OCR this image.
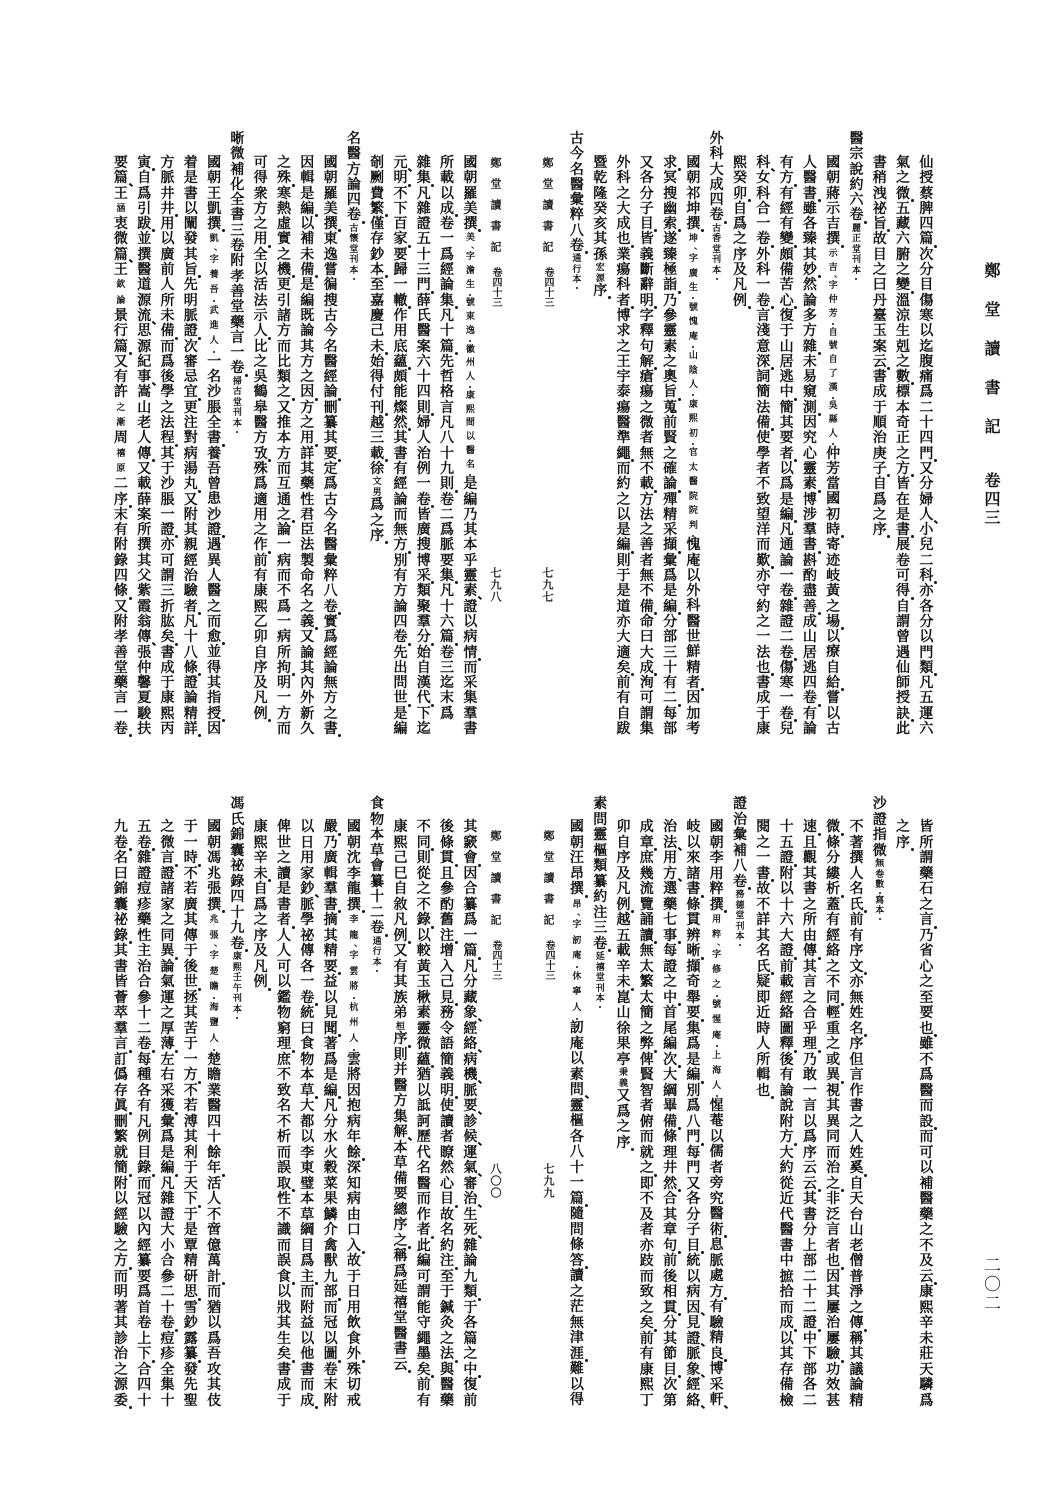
鄭堂讀書記
卷四三
二〇二
仙
授
蔡
脾
四
篇
次
分
目
傷
寒
以
迄
腹
痛
爲
二
十
四
門
又
分
婦
人
小
兒
二
科
亦
各
分
以
門
類
凡
五
運
六
氣
之
微
五
藏
六
腑
之
變
溫
涼
生
剋
之
數
標
本
奇
正
之
方
皆
在
是
書
展
卷
可
得
自
謂
曾
遇
仙
師
授
訣
此
書
稍
洩
祕
旨
故
目
之
曰
丹
臺
玉
案
云
書
成
于
順
治
庚
子
自
爲
之
序
醫
宗
說
約
六
卷
麗
正
堂
刊
本
國
朝
蔣
示
吉
撰
示
吉
字
仲
芳
自
號
自
了
漢
吳
縣
人
仲
芳
當
國
初
時
寄
迹
岐
黃
之
場
以
療
自
給
嘗
以
古
人
醫
書
雖
各
臻
其
妙
然
論
多
方
雜
未
易
窺
測
因
究
心
靈
素
博
涉
羣
書
斟
酌
盡
善
成
山
居
逃
四
卷
有
論
有
方
有
經
有
變
頗
備
苦
心
復
于
山
居
逃
中
簡
其
要
者
以
爲
是
編
凡
通
論
一
卷
雜
證
二
卷
傷
寒
一
卷
兒
科
女
科
合
一
卷
外
科
一
卷
言
淺
意
深
詞
簡
法
備
使
學
者
不
致
望
洋
而
歎
亦
守
約
之
一
法
也
書
成
于
康
熙
癸
卯
自
爲
之
序
及
凡
例
外
科
大
成
四
卷
古
香
堂
刊
本
國
朝
祁
坤
撰
坤
字
廣
生
號
愧
庵
山
陰
人
康
熙
初
官
太
醫
院
院
判
愧
庵
以
外
科
醫
世
鮮
精
者
因
加
考
求
冥
搜
幽
索
遂
臻
極
詣
乃
參
靈
素
之
奧
旨
蒐
前
賢
之
確
論
殫
精
采
擷
彙
爲
是
編
分
部
三
十
有
二
每
部
又
各
分
子
目
皆
義
斷
辭
明
字
釋
句
解
瘡
瘍
之
微
者
無
不
載
方
法
之
善
者
無
不
備
命
曰
大
成
洵
可
謂
集
外
科
之
大
成
也
業
瘍
科
者
博
求
之
王
宇
泰
瘍
醫
準
繩
而
約
之
以
是
編
則
于
是
道
亦
大
適
矣
前
有
自
跋
暨
乾
隆
癸
亥
其
孫
宏
源
序
古
今
名
醫
彙
粹
八
卷
通
行
本
鄭堂讀書記
卷四十三
七九七
國
朝
羅
美
撰
美
字
澹
生
號
東
逸
徽
州
人
康
熙
間
以
醫
名
是
編
乃
其
本
乎
靈
素
證
以
病
情
而
采
集
羣
書
所
載
以
成
卷
一
爲
經
論
集
凡
十
篇
先
哲
格
言
凡
八
十
九
則
卷
二
爲
脈
要
集
凡
十
六
篇
卷
三
迄
末
爲
雜
集
凡
雜
證
五
十
三
門
薛
氏
醫
案
六
十
四
則
婦
人
治
例
一
卷
皆
廣
搜
博
采
類
聚
羣
分
始
自
漢
代
下
迄
元
明
不
下
百
家
要
歸
一
轍
作
用
底
蘊
頗
能
燦
然
其
書
有
經
論
而
無
方
別
有
方
論
四
卷
先
出
問
世
是
編
剞
劂
費
繁
僅
存
鈔
本
至
嘉
慶
己
未
始
得
付
刊
越
三
載
徐
文
男
爲
之
序
名
醫
方
論
四
卷
古
懷
堂
刊
本
國
朝
羅
美
撰
東
逸
嘗
徧
搜
古
今
名
醫
經
論
刪
纂
其
要
定
爲
古
今
名
醫
彙
粹
八
卷
實
爲
經
論
無
方
之
書
因
輯
是
編
以
補
未
備
是
編
既
論
其
方
之
因
方
之
用
詳
其
藥
性
君
臣
法
製
命
名
之
義
又
論
其
內
外
新
久
之
殊
寒
熱
虛
實
之
機
更
引
諸
方
而
比
類
之
又
推
本
方
而
互
通
之
論
一
病
而
不
爲
一
病
所
拘
明
一
方
而
可
得
衆
方
之
用
全
以
活
法
示
人
比
之
吳
鶴
皋
醫
方
攷
殊
爲
適
用
之
作
前
有
康
熙
乙
卯
自
序
及
凡
例
晰
微
補
化
全
書
三
卷
附
孝
善
堂
藥
言
一
卷
掃
古
堂
刊
本
國
朝
王
凱
撰
凱
字
養
吾
武
進
人
一
名
沙
脹
全
書
養
吾
曾
患
沙
證
遇
異
人
醫
之
而
愈
並
得
其
指
授
因
着
是
書
以
闡
發
其
旨
先
明
脈
證
次
審
忌
宜
更
注
對
病
湯
丸
又
附
其
親
經
治
驗
者
凡
十
八
條
證
論
精
詳
方
脈
井
井
用
以
廣
前
人
所
未
備
而
爲
後
學
之
法
程
其
于
沙
脹
一
證
亦
可
謂
三
折
肱
矣
書
成
于
康
熙
丙
寅
自
爲
引
跋
並
撰
醫
道
源
流
思
源
紀
事
嵩
山
老
人
傳
又
載
薛
案
所
撰
其
父
紫
霞
翁
傳
張
仲
馨
夏
駿
扶
要
篇
王
涵
衷
微
篇
王
欽
論
景
行
篇
又
有
許
之
漸
周
禧
原
二
序
末
有
附
錄
四
條
又
附
孝
善
堂
藥
言
一
卷
鄭堂讀書記
卷四十三
七九八
皆
所
謂
藥
石
之
言
乃
省
心
之
至
要
也
雖
不
爲
醫
而
設
而
可
以
補
醫
藥
之
不
及
云
康
熙
辛
未
莊
天
驎
爲
之
序
沙
證
指
微
無
卷
數
寫
本
不
著
撰
人
名
氏
前
有
序
文
亦
無
姓
名
序
但
言
作
書
之
人
姓
奚
自
天
台
山
老
僧
普
淨
之
傳
稱
其
議
論
精
微
條
分
縷
析
蓋
有
經
絡
之
不
同
輕
重
之
或
異
視
其
異
同
而
治
之
非
泛
言
者
也
因
其
屢
治
屢
驗
功
效
甚
速
且
觀
其
書
之
所
由
傳
其
言
之
合
乎
理
乃
敢
一
言
以
爲
序
云
云
其
書
分
上
部
二
十
二
證
中
下
部
各
二
十
五
證
附
以
十
六
大
證
前
載
經
絡
圖
釋
後
有
論
說
附
方
大
約
從
近
代
醫
書
中
摭
拾
而
成
以
其
存
備
檢
閱
之
一
書
故
不
詳
其
名
氏
疑
即
近
時
人
所
輯
也
證
治
彙
補
八
卷
務
德
堂
刊
本
國
朝
李
用
粹
撰
用
粹
字
修
之
號
惺
庵
上
海
人
惺
菴
以
儒
者
旁
究
醫
術
息
脈
處
方
有
驗
精
良
博
采
軒
岐
以
來
諸
書
條
貫
辨
晰
擷
奇
舉
要
集
爲
是
編
別
爲
八
門
每
門
又
各
分
子
目
統
以
病
因
見
證
脈
象
經
絡
治
法
用
方
選
藥
七
事
每
證
之
中
首
尾
編
次
大
綱
畢
備
條
理
井
然
合
其
章
句
前
後
相
貫
分
其
節
目
次
第
成
章
庶
幾
流
覽
誦
讀
無
太
繁
太
簡
之
弊
俾
賢
智
者
俯
而
就
之
即
不
及
者
亦
跂
而
致
之
矣
前
有
康
熙
丁
卯
自
序
及
凡
例
越
五
載
辛
未
崑
山
徐
果
亭
秉
義
又
爲
之
序
素
問
靈
樞
類
纂
約
注
三
卷
延
禧
堂
刊
本
國
朝
汪
昂
撰
昂
字
訒
庵
休
寧
人
訒
庵
以
素
問
靈
樞
各
八
十
一
篇
隨
問
條
答
讀
之
茫
無
津
涯
難
以
得
鄭堂讀書記
卷四十三
七九九
其
窾
會
因
合
纂
爲
一
篇
凡
分
藏
象
經
絡
病
機
脈
要
診
候
運
氣
審
治
生
死
雜
論
九
類
于
各
篇
之
中
復
前
後
條
貫
且
參
酌
舊
注
增
入
己
見
務
令
語
簡
義
明
使
讀
者
瞭
然
心
目
故
名
約
注
至
于
鍼
灸
之
法
與
醫
藥
不
同
則
從
之
不
錄
以
較
黃
玉
楸
素
靈
微
蘊
猶
以
詆
訶
歷
代
名
醫
而
作
者
此
編
可
謂
能
守
繩
墨
矣
前
有
康
熙
己
巳
自
敘
凡
例
又
有
其
族
弟
桓
序
則
并
醫
方
集
解
本
草
備
要
總
序
之
稱
爲
延
禧
堂
醫
書
云
食
物
本
草
會
纂
十
二
卷
通
行
本
國
朝
沈
李
龍
撰
李
龍
字
雲
將
杭
州
人
雲
將
因
抱
病
年
餘
深
知
病
由
口
入
故
于
日
用
飲
食
外
殊
切
戒
嚴
乃
廣
輯
羣
書
摘
其
精
要
益
以
見
聞
著
爲
是
編
凡
分
水
火
穀
菜
果
鱗
介
禽
獸
九
部
而
冠
以
圖
卷
末
附
以
日
用
家
鈔
脈
學
祕
傳
各
一
卷
統
曰
食
物
本
草
大
都
以
李
東
璧
本
草
綱
目
爲
主
而
附
益
以
他
書
而
成
俾
世
之
讀
是
書
者
人
人
可
以
鑑
物
窮
理
庶
不
致
名
不
析
而
誤
取
性
不
識
而
誤
食
以
戕
其
生
矣
書
成
于
康
熙
辛
未
自
爲
之
序
及
凡
例
馮
氏
錦
囊
祕
錄
四
十
九
卷
康
熙
壬
午
刊
本
國
朝
馮
兆
張
撰
兆
張
字
楚
瞻
海
鹽
人
楚
瞻
業
醫
四
十
餘
年
活
人
不
啻
億
萬
計
而
猶
以
爲
吾
攻
其
伎
于
一
時
不
若
廣
其
傳
于
後
世
拯
其
苦
于
一
方
不
若
溥
其
利
于
天
下
于
是
覃
精
研
思
雪
鈔
露
纂
發
先
聖
之
微
言
證
諸
家
之
同
異
論
氣
運
之
厚
薄
左
右
采
獲
彙
爲
是
編
凡
雜
證
大
小
合
參
二
十
卷
痘
疹
全
集
十
五
卷
雜
證
痘
疹
藥
性
主
治
合
參
十
二
卷
每
種
各
有
凡
例
目
錄
而
冠
以
內
經
纂
要
爲
首
卷
上
下
合
四
十
九
卷
名
曰
錦
囊
祕
錄
其
書
皆
薈
萃
羣
言
訂
僞
存
眞
刪
繁
就
簡
附
以
經
驗
之
方
而
明
著
其
診
治
之
源
委
鄭堂讀書記
卷四十三
八〇〇
